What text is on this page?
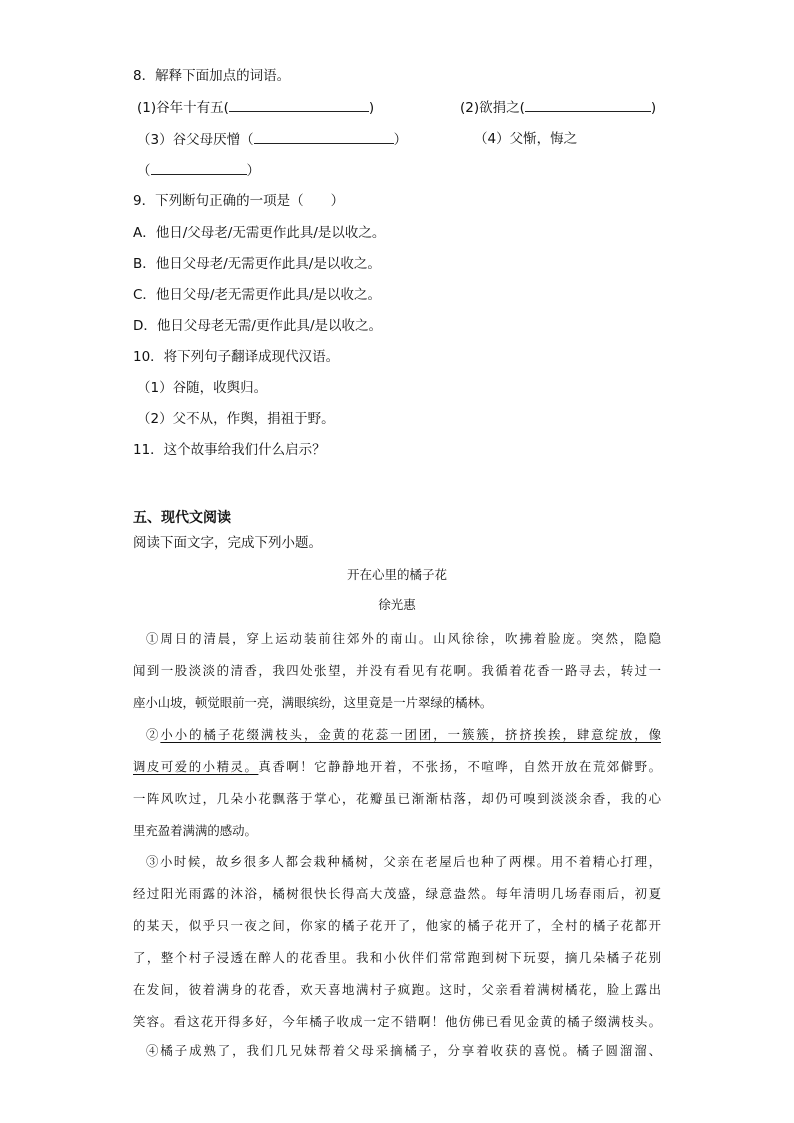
8．解释下面加点的词语。
(1)谷年十有五(	)	(2)欲捐之(	)
（3）谷父母厌憎（	）	（4）父惭，悔之
（	）
9．下列断句正确的一项是（　　）
A．他日/父母老/无需更作此具/是以收之。
B．他日父母老/无需更作此具/是以收之。
C．他日父母/老无需更作此具/是以收之。
D．他日父母老无需/更作此具/是以收之。
10．将下列句子翻译成现代汉语。
（1）谷随，收舆归。
（2）父不从，作舆，捐祖于野。
11．这个故事给我们什么启示？
五、现代文阅读
阅读下面文字，完成下列小题。
开在心里的橘子花
徐光惠
①周日的清晨，穿上运动装前往郊外的南山。山风徐徐，吹拂着脸庞。突然，隐隐
闻到一股淡淡的清香，我四处张望，并没有看见有花啊。我循着花香一路寻去，转过一
座小山坡，顿觉眼前一亮，满眼缤纷，这里竟是一片翠绿的橘林。
②小小的橘子花缀满枝头，金黄的花蕊一团团，一簇簇，挤挤挨挨，肆意绽放，像
调皮可爱的小精灵。真香啊！它静静地开着，不张扬，不喧哗，自然开放在荒郊僻野。
一阵风吹过，几朵小花飘落于掌心，花瓣虽已渐渐枯落，却仍可嗅到淡淡余香，我的心
里充盈着满满的感动。
③小时候，故乡很多人都会栽种橘树，父亲在老屋后也种了两棵。用不着精心打理，
经过阳光雨露的沐浴，橘树很快长得高大茂盛，绿意盎然。每年清明几场春雨后，初夏
的某天，似乎只一夜之间，你家的橘子花开了，他家的橘子花开了，全村的橘子花都开
了，整个村子浸透在醉人的花香里。我和小伙伴们常常跑到树下玩耍，摘几朵橘子花别
在发间，彼着满身的花香，欢天喜地满村子疯跑。这时，父亲看着满树橘花，脸上露出
笑容。看这花开得多好，今年橘子收成一定不错啊！他仿佛已看见金黄的橘子缀满枝头。
④橘子成熟了，我们几兄妹帮着父母采摘橘子，分享着收获的喜悦。橘子圆溜溜、
